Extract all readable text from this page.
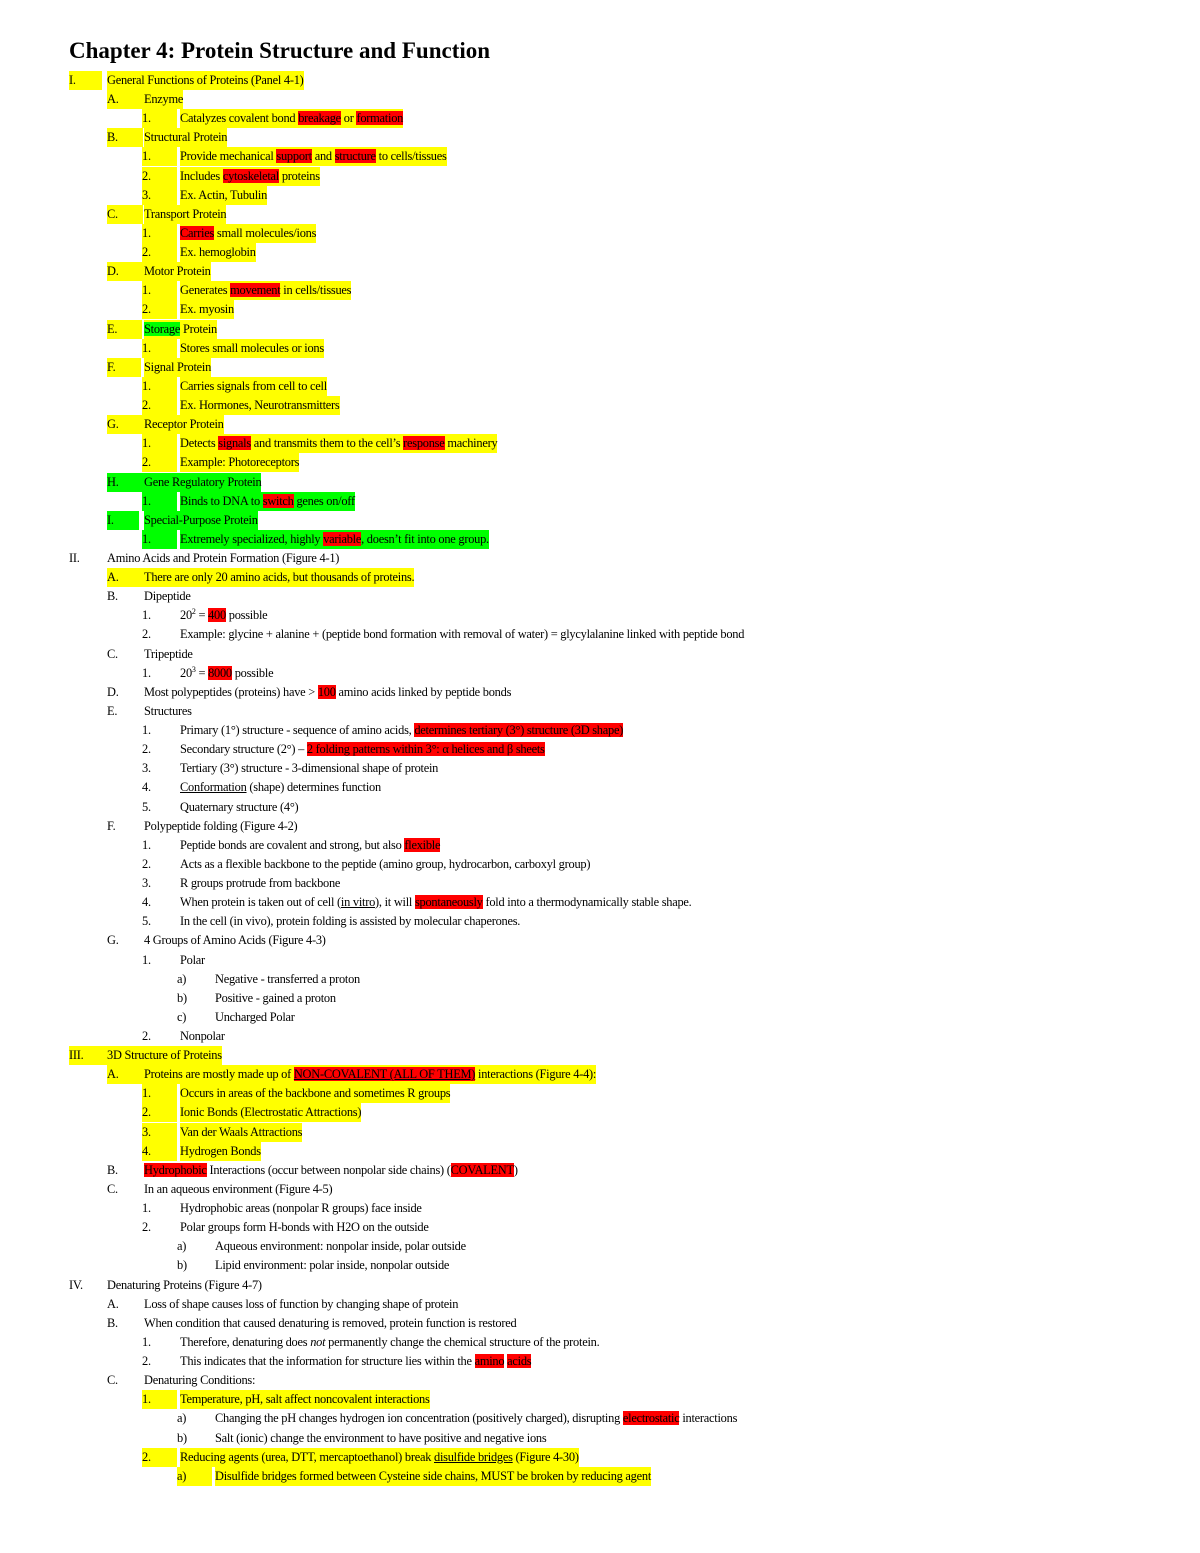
Chapter 4: Protein Structure and Function
I.	General Functions of Proteins (Panel 4-1)
A.	Enzyme
1.	Catalyzes covalent bond breakage or formation
B.	Structural Protein
1.	Provide mechanical support and structure to cells/tissues
2.	Includes cytoskeletal proteins
3.	Ex. Actin, Tubulin
C.	Transport Protein
1.	Carries small molecules/ions
2.	Ex. hemoglobin
D.	Motor Protein
1.	Generates movement in cells/tissues
2.	Ex. myosin
E.	Storage Protein
1.	Stores small molecules or ions
F.	Signal Protein
1.	Carries signals from cell to cell
2.	Ex. Hormones, Neurotransmitters
G.	Receptor Protein
1.	Detects signals and transmits them to the cell’s response machinery
2.	Example: Photoreceptors
H.	Gene Regulatory Protein
1.	Binds to DNA to switch genes on/off
I.	Special-Purpose Protein
1.	Extremely specialized, highly variable, doesn’t fit into one group.
II. Amino Acids and Protein Formation (Figure 4-1)
A.	There are only 20 amino acids, but thousands of proteins.
B. Dipeptide
1. $20^2 = 400$ possible
2. Example: glycine + alanine + (peptide bond formation with removal of water) = glycylalanine linked with peptide bond
C. Tripeptide
1. $20^3 = 8000$ possible
D. Most polypeptides (proteins) have > 100 amino acids linked by peptide bonds
E. Structures
1. Primary (1°) structure - sequence of amino acids, determines tertiary (3°) structure (3D shape)
2. Secondary structure (2°) – 2 folding patterns within 3°: α helices and β sheets
3. Tertiary (3°) structure - 3-dimensional shape of protein
4. Conformation (shape) determines function
5. Quaternary structure (4°)
F. Polypeptide folding (Figure 4-2)
1. Peptide bonds are covalent and strong, but also flexible
2. Acts as a flexible backbone to the peptide (amino group, hydrocarbon, carboxyl group)
3. R groups protrude from backbone
4. When protein is taken out of cell (in vitro), it will spontaneously fold into a thermodynamically stable shape.
5. In the cell (in vivo), protein folding is assisted by molecular chaperones.
G. 4 Groups of Amino Acids (Figure 4-3)
1. Polar
a) Negative - transferred a proton
b) Positive - gained a proton
c) Uncharged Polar
2. Nonpolar
III.	3D Structure of Proteins
A.	Proteins are mostly made up of NON-COVALENT (ALL OF THEM) interactions (Figure 4-4):
1.	Occurs in areas of the backbone and sometimes R groups
2.	Ionic Bonds (Electrostatic Attractions)
3.	Van der Waals Attractions
4.	Hydrogen Bonds
B. Hydrophobic Interactions (occur between nonpolar side chains) (COVALENT)
C. In an aqueous environment (Figure 4-5)
1. Hydrophobic areas (nonpolar R groups) face inside
2. Polar groups form H-bonds with H2O on the outside
a) Aqueous environment: nonpolar inside, polar outside
b) Lipid environment: polar inside, nonpolar outside
IV. Denaturing Proteins (Figure 4-7)
A. Loss of shape causes loss of function by changing shape of protein
B. When condition that caused denaturing is removed, protein function is restored
1. Therefore, denaturing does not permanently change the chemical structure of the protein.
2. This indicates that the information for structure lies within the amino acids
C. Denaturing Conditions:
1.	Temperature, pH, salt affect noncovalent interactions
a) Changing the pH changes hydrogen ion concentration (positively charged), disrupting electrostatic interactions
b) Salt (ionic) change the environment to have positive and negative ions
2.	Reducing agents (urea, DTT, mercaptoethanol) break disulfide bridges (Figure 4-30)
a)	Disulfide bridges formed between Cysteine side chains, MUST be broken by reducing agent
